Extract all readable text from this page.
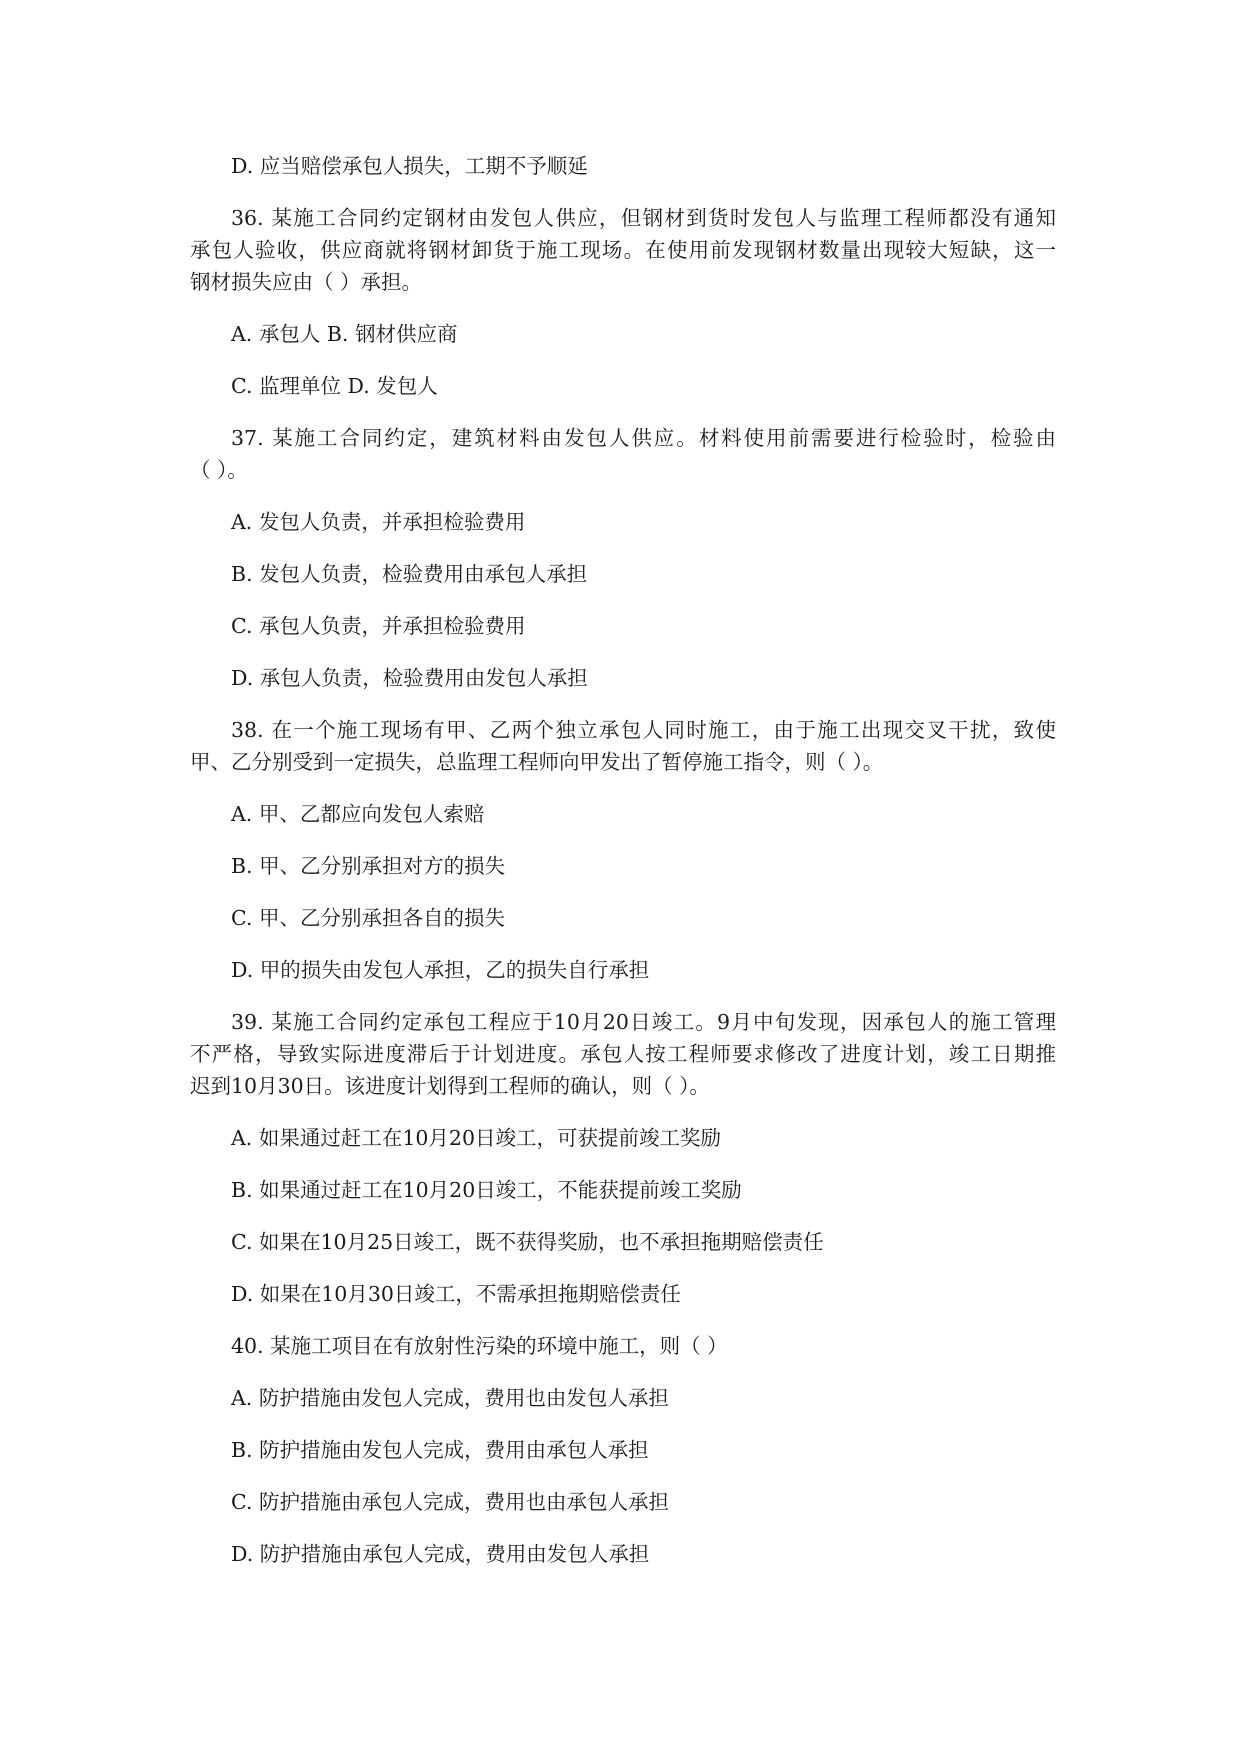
D. 应当赔偿承包人损失，工期不予顺延

36. 某施工合同约定钢材由发包人供应，但钢材到货时发包人与监理工程师都没有通知

承包人验收，供应商就将钢材卸货于施工现场。在使用前发现钢材数量出现较大短缺，这一

钢材损失应由（ ）承担。

A. 承包人 B. 钢材供应商

C. 监理单位 D. 发包人

37. 某施工合同约定，建筑材料由发包人供应。材料使用前需要进行检验时，检验由

（ ）。

A. 发包人负责，并承担检验费用

B. 发包人负责，检验费用由承包人承担

C. 承包人负责，并承担检验费用

D. 承包人负责，检验费用由发包人承担

38. 在一个施工现场有甲、乙两个独立承包人同时施工，由于施工出现交叉干扰，致使

甲、乙分别受到一定损失，总监理工程师向甲发出了暂停施工指令，则（ ）。

A. 甲、乙都应向发包人索赔

B. 甲、乙分别承担对方的损失

C. 甲、乙分别承担各自的损失

D. 甲的损失由发包人承担，乙的损失自行承担

39. 某施工合同约定承包工程应于10月20日竣工。9月中旬发现，因承包人的施工管理

不严格，导致实际进度滞后于计划进度。承包人按工程师要求修改了进度计划，竣工日期推

迟到10月30日。该进度计划得到工程师的确认，则（ ）。

A. 如果通过赶工在10月20日竣工，可获提前竣工奖励

B. 如果通过赶工在10月20日竣工，不能获提前竣工奖励

C. 如果在10月25日竣工，既不获得奖励，也不承担拖期赔偿责任

D. 如果在10月30日竣工，不需承担拖期赔偿责任

40. 某施工项目在有放射性污染的环境中施工，则（ ）

A. 防护措施由发包人完成，费用也由发包人承担

B. 防护措施由发包人完成，费用由承包人承担

C. 防护措施由承包人完成，费用也由承包人承担

D. 防护措施由承包人完成，费用由发包人承担
